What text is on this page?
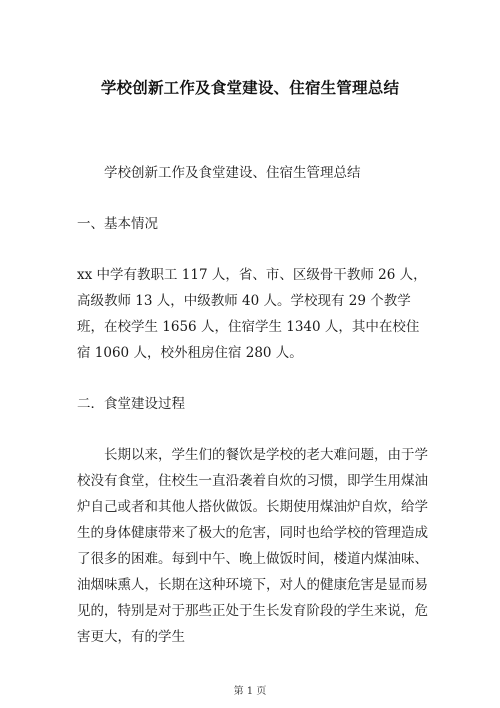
学校创新工作及食堂建设、住宿生管理总结

学校创新工作及食堂建设、住宿生管理总结

一、基本情况

xx 中学有教职工 117 人，省、市、区级骨干教师 26 人，高级教师 13 人，中级教师 40 人。学校现有 29 个教学班，在校学生 1656 人，住宿学生 1340 人，其中在校住宿 1060 人，校外租房住宿 280 人。

二．食堂建设过程

长期以来，学生们的餐饮是学校的老大难问题，由于学校没有食堂，住校生一直沿袭着自炊的习惯，即学生用煤油炉自己或者和其他人搭伙做饭。长期使用煤油炉自炊，给学生的身体健康带来了极大的危害，同时也给学校的管理造成了很多的困难。每到中午、晚上做饭时间，楼道内煤油味、油烟味熏人，长期在这种环境下，对人的健康危害是显而易见的，特别是对于那些正处于生长发育阶段的学生来说，危害更大，有的学生

第 1 页
